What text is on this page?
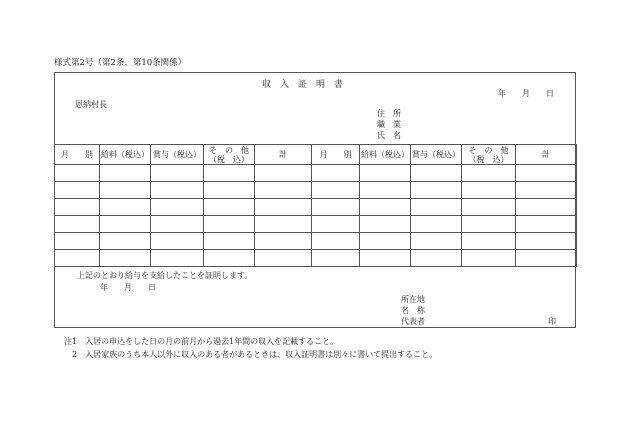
様式第2号（第2条、第10条関係）
収　入　証　明　書
年　　月　　日
恩納村長
住　所
職　業
氏　名
月　　別	給料（税込）	賞与（税込）	そ　の　他
（税　込）	計	月　　別	給料（税込）	賞与（税込）	そ　の　他
（税　込）	計

上記のとおり給与を支給したことを証明します。
年　　月　　日
所在地
名　称
代表者	印
注1　入居の申込をした日の月の前月から過去1年間の収入を記載すること。
　2　入居家族のうち本人以外に収入のある者があるときは、収入証明書は別々に書いて提出すること。
